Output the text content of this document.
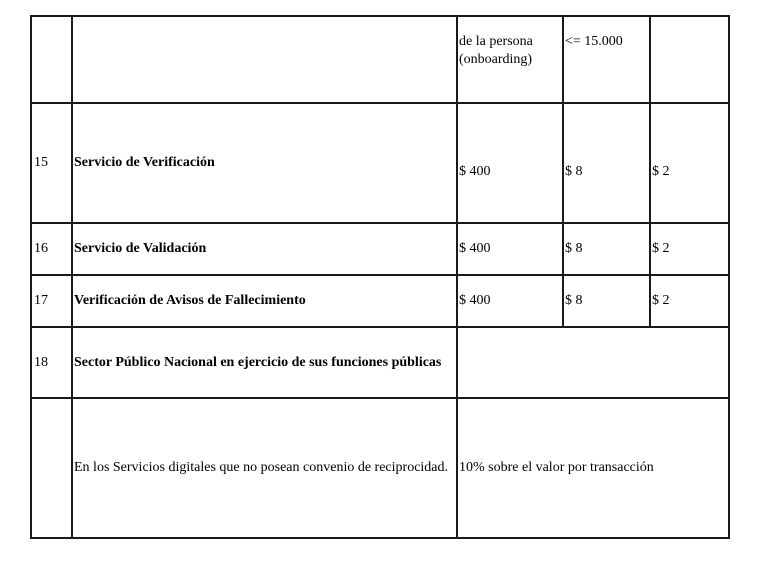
		de la persona (onboarding)	<= 15.000	
15	Servicio de Verificación	$ 400	$ 8	$ 2
16	Servicio de Validación	$ 400	$ 8	$ 2
17	Verificación de Avisos de Fallecimiento	$ 400	$ 8	$ 2
18	Sector Público Nacional en ejercicio de sus funciones públicas			
	En los Servicios digitales que no posean convenio de reciprocidad.	10% sobre el valor por transacción		
